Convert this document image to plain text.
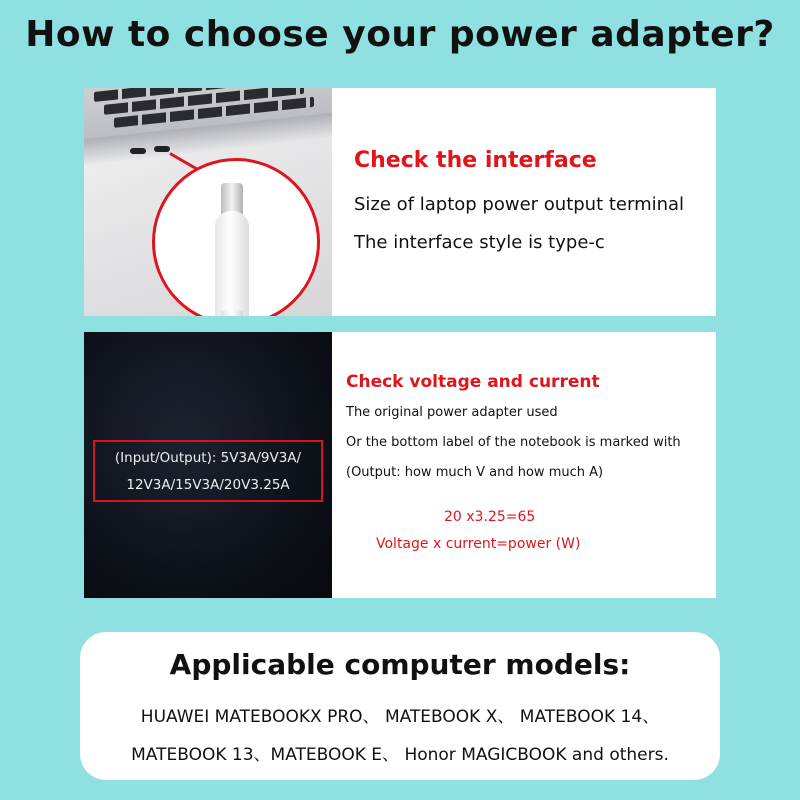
How to choose your power adapter?
Check the interface
Size of laptop power output terminal
The interface style is type-c
(Input/Output): 5V3A/9V3A/
12V3A/15V3A/20V3.25A
Check voltage and current
The original power adapter used
Or the bottom label of the notebook is marked with
(Output: how much V and how much A)
20 x3.25=65
Voltage x current=power (W)
Applicable computer models:
HUAWEI MATEBOOKX PRO、 MATEBOOK X、 MATEBOOK 14、
MATEBOOK 13、MATEBOOK E、 Honor MAGICBOOK and others.
